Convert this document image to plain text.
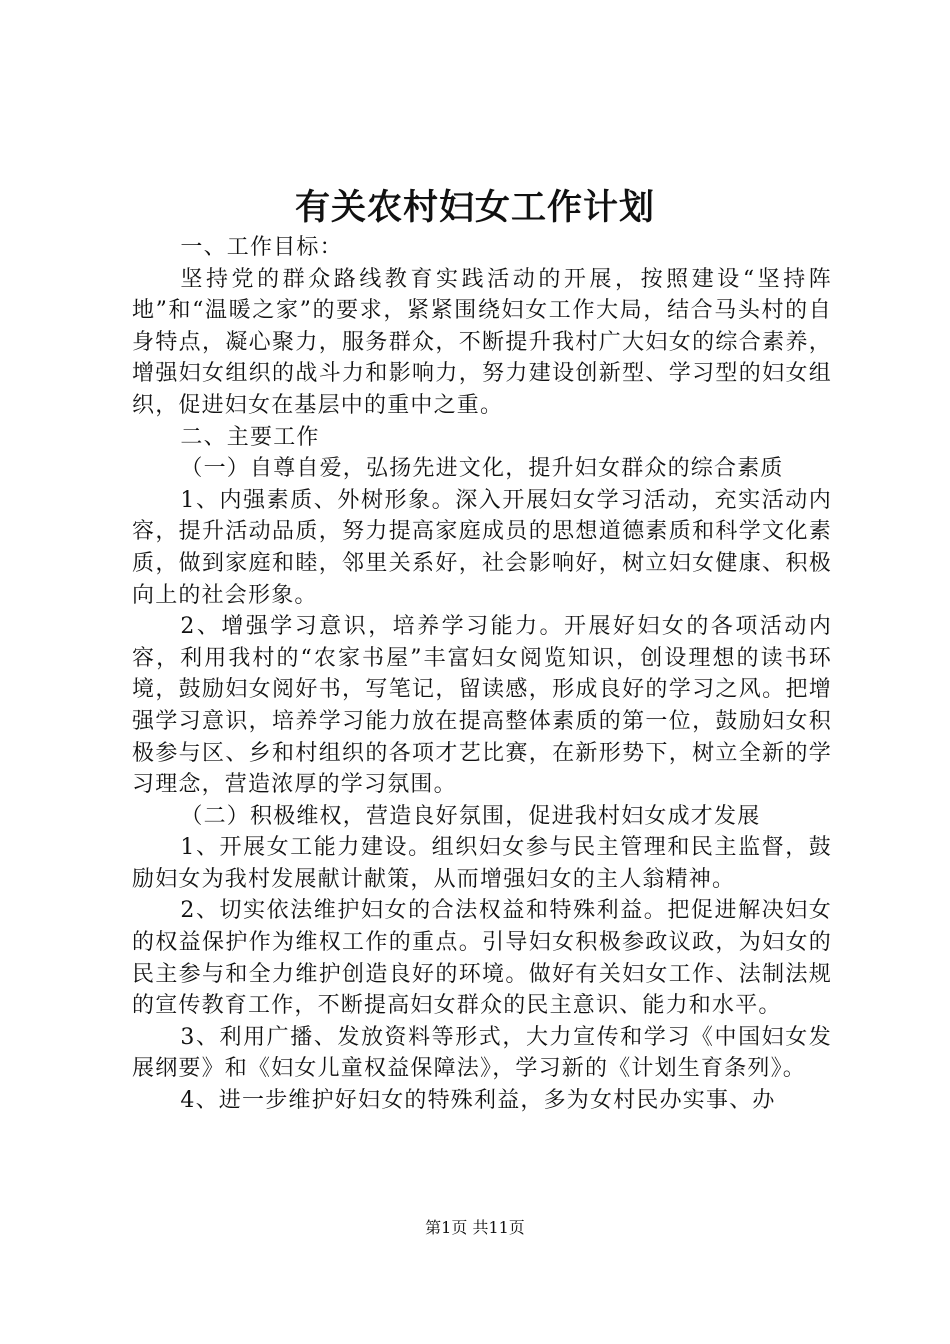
有关农村妇女工作计划

一、工作目标：

坚持党的群众路线教育实践活动的开展，按照建设“坚持阵地”和“温暖之家”的要求，紧紧围绕妇女工作大局，结合马头村的自身特点，凝心聚力，服务群众，不断提升我村广大妇女的综合素养，增强妇女组织的战斗力和影响力，努力建设创新型、学习型的妇女组织，促进妇女在基层中的重中之重。

二、主要工作

（一）自尊自爱，弘扬先进文化，提升妇女群众的综合素质

1、内强素质、外树形象。深入开展妇女学习活动，充实活动内容，提升活动品质，努力提高家庭成员的思想道德素质和科学文化素质，做到家庭和睦，邻里关系好，社会影响好，树立妇女健康、积极向上的社会形象。

2、增强学习意识，培养学习能力。开展好妇女的各项活动内容，利用我村的“农家书屋”丰富妇女阅览知识，创设理想的读书环境，鼓励妇女阅好书，写笔记，留读感，形成良好的学习之风。把增强学习意识，培养学习能力放在提高整体素质的第一位，鼓励妇女积极参与区、乡和村组织的各项才艺比赛，在新形势下，树立全新的学习理念，营造浓厚的学习氛围。

（二）积极维权，营造良好氛围，促进我村妇女成才发展

1、开展女工能力建设。组织妇女参与民主管理和民主监督，鼓励妇女为我村发展献计献策，从而增强妇女的主人翁精神。

2、切实依法维护妇女的合法权益和特殊利益。把促进解决妇女的权益保护作为维权工作的重点。引导妇女积极参政议政，为妇女的民主参与和全力维护创造良好的环境。做好有关妇女工作、法制法规的宣传教育工作，不断提高妇女群众的民主意识、能力和水平。

3、利用广播、发放资料等形式，大力宣传和学习《中国妇女发展纲要》和《妇女儿童权益保障法》，学习新的《计划生育条列》。

4、进一步维护好妇女的特殊利益，多为女村民办实事、办

第1页 共11页
